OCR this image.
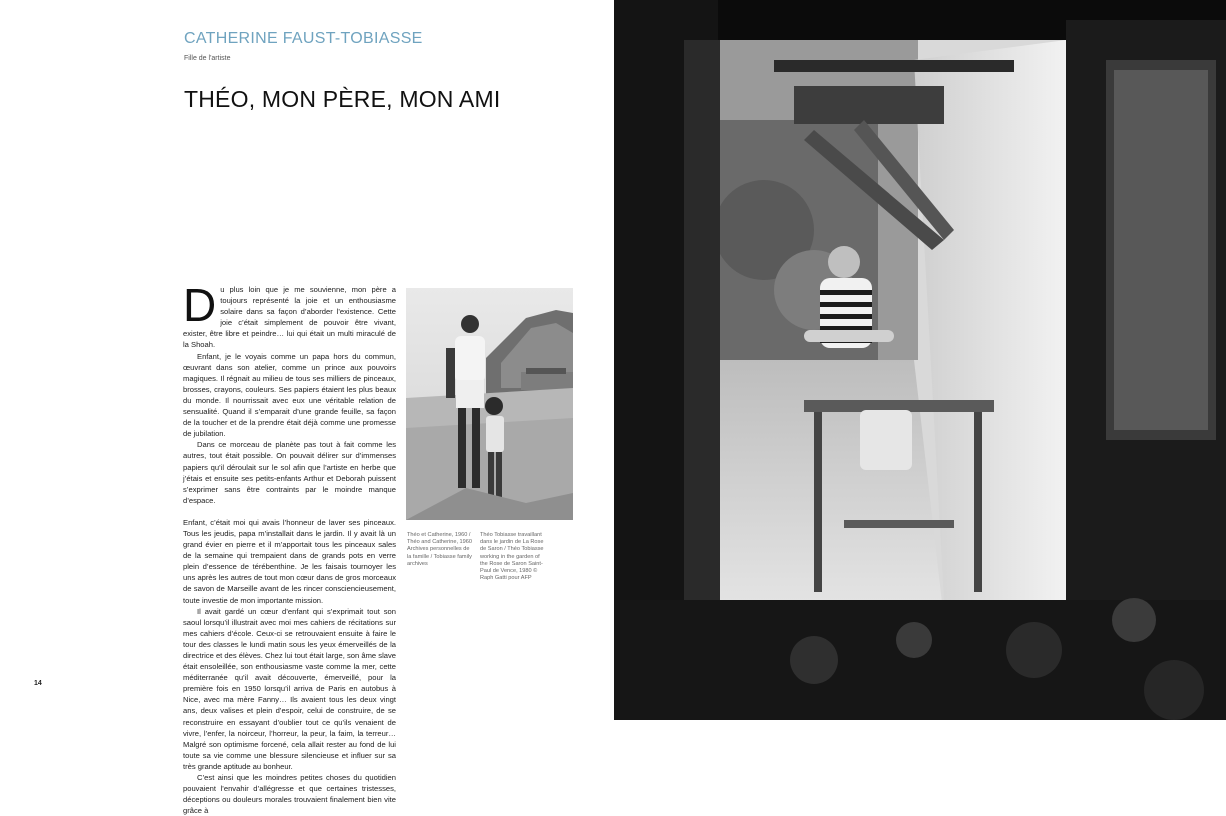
CATHERINE FAUST-TOBIASSE
Fille de l'artiste
THÉO, MON PÈRE, MON AMI

Du plus loin que je me souvienne, mon père a toujours représenté la joie et un enthousiasme solaire dans sa façon d’aborder l’existence. Cette joie c’était simplement de pouvoir être vivant, exister, être libre et peindre… lui qui était un multi miraculé de la Shoah.

Enfant, je le voyais comme un papa hors du commun, œuvrant dans son atelier, comme un prince aux pouvoirs magiques. Il régnait au milieu de tous ses milliers de pinceaux, brosses, crayons, couleurs. Ses papiers étaient les plus beaux du monde. Il nourrissait avec eux une véritable relation de sensualité. Quand il s’emparait d’une grande feuille, sa façon de la toucher et de la prendre était déjà comme une promesse de jubilation.

Dans ce morceau de planète pas tout à fait comme les autres, tout était possible. On pouvait délirer sur d’immenses papiers qu’il déroulait sur le sol afin que l’artiste en herbe que j’étais et ensuite ses petits-enfants Arthur et Deborah puissent s’exprimer sans être contraints par le moindre manque d’espace.

Enfant, c’était moi qui avais l’honneur de laver ses pinceaux. Tous les jeudis, papa m’installait dans le jardin. Il y avait là un grand évier en pierre et il m’apportait tous les pinceaux sales de la semaine qui trempaient dans de grands pots en verre plein d’essence de térébenthine. Je les faisais tournoyer les uns après les autres de tout mon cœur dans de gros morceaux de savon de Marseille avant de les rincer consciencieusement, toute investie de mon importante mission.

Il avait gardé un cœur d’enfant qui s’exprimait tout son saoul lorsqu’il illustrait avec moi mes cahiers de récitations sur mes cahiers d’école. Ceux-ci se retrouvaient ensuite à faire le tour des classes le lundi matin sous les yeux émerveillés de la directrice et des élèves. Chez lui tout était large, son âme slave était ensoleillée, son enthousiasme vaste comme la mer, cette méditerranée qu’il avait découverte, émerveillé, pour la première fois en 1950 lorsqu’il arriva de Paris en autobus à Nice, avec ma mère Fanny… Ils avaient tous les deux vingt ans, deux valises et plein d’espoir, celui de construire, de se reconstruire en essayant d’oublier tout ce qu’ils venaient de vivre, l’enfer, la noirceur, l’horreur, la peur, la faim, la terreur… Malgré son optimisme forcené, cela allait rester au fond de lui toute sa vie comme une blessure silencieuse et influer sur sa très grande aptitude au bonheur.

C’est ainsi que les moindres petites choses du quotidien pouvaient l’envahir d’allégresse et que certaines tristesses, déceptions ou douleurs morales trouvaient finalement bien vite grâce à

Théo et Catherine, 1960 / Théo and Catherine, 1960 Archives personnelles de la famille / Tobiasse family archives
Théo Tobiasse travaillant dans le jardin de La Rose de Saron / Théo Tobiasse working in the garden of the Rose de Saron Saint-Paul de Vence, 1980 © Raph Gatti pour AFP
14
